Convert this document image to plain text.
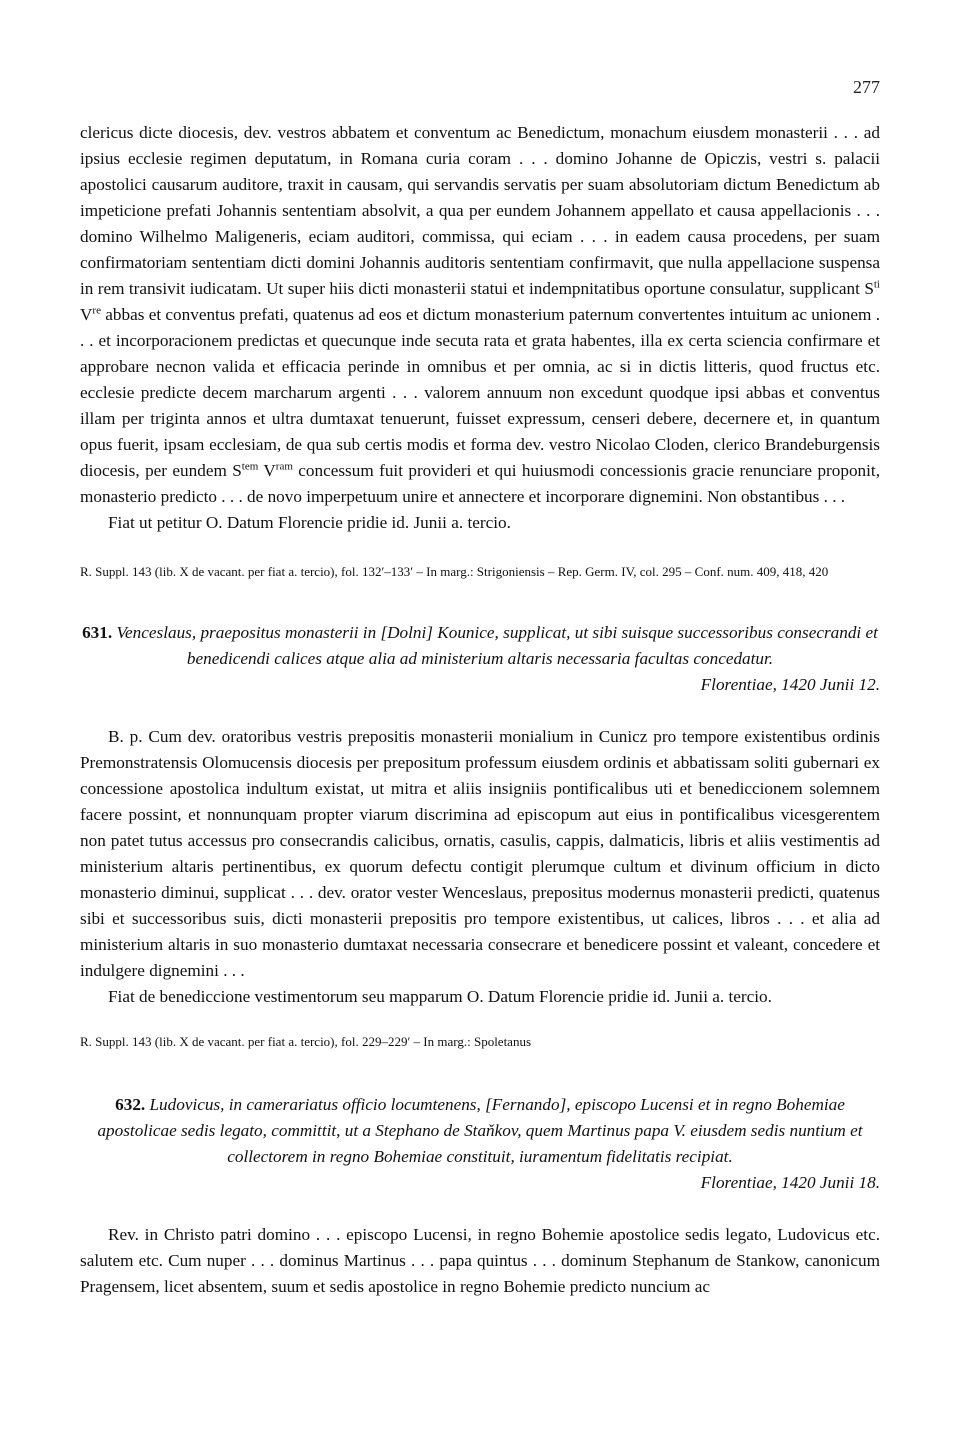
277

clericus dicte diocesis, dev. vestros abbatem et conventum ac Benedictum, monachum eiusdem monasterii . . . ad ipsius ecclesie regimen deputatum, in Romana curia coram . . . domino Johanne de Opiczis, vestri s. palacii apostolici causarum auditore, traxit in causam, qui servandis servatis per suam absolutoriam dictum Benedictum ab impeticione prefati Johannis sententiam absolvit, a qua per eundem Johannem appellato et causa appellacionis . . . domino Wilhelmo Maligeneris, eciam auditori, commissa, qui eciam . . . in eadem causa procedens, per suam confirmatoriam sententiam dicti domini Johannis auditoris sententiam confirmavit, que nulla appellacione suspensa in rem transivit iudicatam. Ut super hiis dicti monasterii statui et indempnitatibus oportune consulatur, supplicant $S^{ti}$ Vre abbas et conventus prefati, quatenus ad eos et dictum monasterium paternum convertentes intuitum ac unionem . . . et incorporacionem predictas et quecunque inde secuta rata et grata habentes, illa ex certa sciencia confirmare et approbare necnon valida et efficacia perinde in omnibus et per omnia, ac si in dictis litteris, quod fructus etc. ecclesie predicte decem marcharum argenti . . . valorem annuum non excedunt quodque ipsi abbas et conventus illam per triginta annos et ultra dumtaxat tenuerunt, fuisset expressum, censeri debere, decernere et, in quantum opus fuerit, ipsam ecclesiam, de qua sub certis modis et forma dev. vestro Nicolao Cloden, clerico Brandeburgensis diocesis, per eundem $S^{tem}$ $V^{ram}$ concessum fuit provideri et qui huiusmodi concessionis gracie renunciare proponit, monasterio predicto . . . de novo imperpetuum unire et annectere et incorporare dignemini. Non obstantibus . . .

Fiat ut petitur O. Datum Florencie pridie id. Junii a. tercio.

R. Suppl. 143 (lib. X de vacant. per fiat a. tercio), fol. 132′–133′ – In marg.: Strigoniensis – Rep. Germ. IV, col. 295 – Conf. num. 409, 418, 420

631. Venceslaus, praepositus monasterii in [Dolni] Kounice, supplicat, ut sibi suisque successoribus consecrandi et benedicendi calices atque alia ad ministerium altaris necessaria facultas concedatur.

Florentiae, 1420 Junii 12.

B. p. Cum dev. oratoribus vestris prepositis monasterii monialium in Cunicz pro tempore existentibus ordinis Premonstratensis Olomucensis diocesis per prepositum professum eiusdem ordinis et abbatissam soliti gubernari ex concessione apostolica indultum existat, ut mitra et aliis insigniis pontificalibus uti et benediccionem solemnem facere possint, et nonnunquam propter viarum discrimina ad episcopum aut eius in pontificalibus vicesgerentem non patet tutus accessus pro consecrandis calicibus, ornatis, casulis, cappis, dalmaticis, libris et aliis vestimentis ad ministerium altaris pertinentibus, ex quorum defectu contigit plerumque cultum et divinum officium in dicto monasterio diminui, supplicat . . . dev. orator vester Wenceslaus, prepositus modernus monasterii predicti, quatenus sibi et successoribus suis, dicti monasterii prepositis pro tempore existentibus, ut calices, libros . . . et alia ad ministerium altaris in suo monasterio dumtaxat necessaria consecrare et benedicere possint et valeant, concedere et indulgere dignemini . . .

Fiat de benediccione vestimentorum seu mapparum O. Datum Florencie pridie id. Junii a. tercio.

R. Suppl. 143 (lib. X de vacant. per fiat a. tercio), fol. 229–229′ – In marg.: Spoletanus

632. Ludovicus, in camerariatus officio locumtenens, [Fernando], episcopo Lucensi et in regno Bohemiae apostolicae sedis legato, committit, ut a Stephano de Staňkov, quem Martinus papa V. eiusdem sedis nuntium et collectorem in regno Bohemiae constituit, iuramentum fidelitatis recipiat.

Florentiae, 1420 Junii 18.

Rev. in Christo patri domino . . . episcopo Lucensi, in regno Bohemie apostolice sedis legato, Ludovicus etc. salutem etc. Cum nuper . . . dominus Martinus . . . papa quintus . . . dominum Stephanum de Stankow, canonicum Pragensem, licet absentem, suum et sedis apostolice in regno Bohemie predicto nuncium ac
